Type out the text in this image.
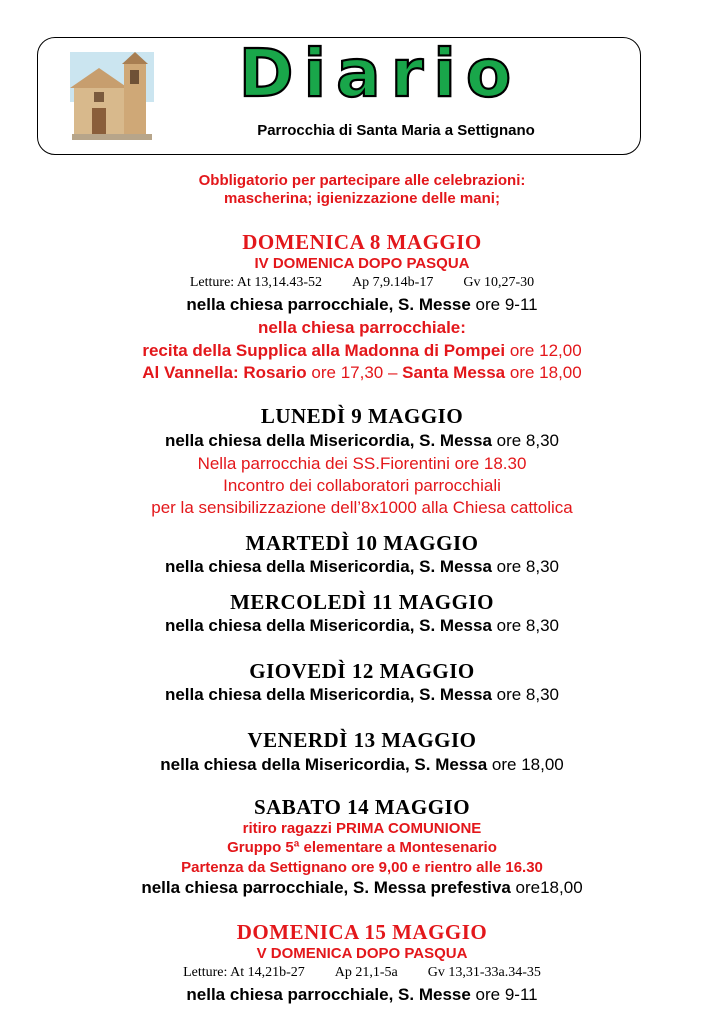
Diario
Parrocchia di Santa Maria a Settignano
Obbligatorio per partecipare alle celebrazioni:
mascherina; igienizzazione delle mani;
DOMENICA 8 MAGGIO
IV DOMENICA DOPO PASQUA
Letture: At 13,14.43-52 Ap 7,9.14b-17 Gv 10,27-30
nella chiesa parrocchiale, S. Messe ore 9-11
nella chiesa parrocchiale:
recita della Supplica alla Madonna di Pompei ore 12,00
Al Vannella: Rosario ore 17,30 – Santa Messa ore 18,00
LUNEDÌ 9 MAGGIO
nella chiesa della Misericordia, S. Messa ore 8,30
Nella parrocchia dei SS.Fiorentini ore 18.30
Incontro dei collaboratori parrocchiali
per la sensibilizzazione dell’8x1000 alla Chiesa cattolica
MARTEDÌ 10 MAGGIO
nella chiesa della Misericordia, S. Messa ore 8,30
MERCOLEDÌ 11 MAGGIO
nella chiesa della Misericordia, S. Messa ore 8,30
GIOVEDÌ 12 MAGGIO
nella chiesa della Misericordia, S. Messa ore 8,30
VENERDÌ 13 MAGGIO
nella chiesa della Misericordia, S. Messa ore 18,00
SABATO 14 MAGGIO
ritiro ragazzi PRIMA COMUNIONE
Gruppo 5ª elementare a Montesenario
Partenza da Settignano ore 9,00 e rientro alle 16.30
nella chiesa parrocchiale, S. Messa prefestiva ore18,00
DOMENICA 15 MAGGIO
V DOMENICA DOPO PASQUA
Letture: At 14,21b-27 Ap 21,1-5a Gv 13,31-33a.34-35
nella chiesa parrocchiale, S. Messe ore 9-11
